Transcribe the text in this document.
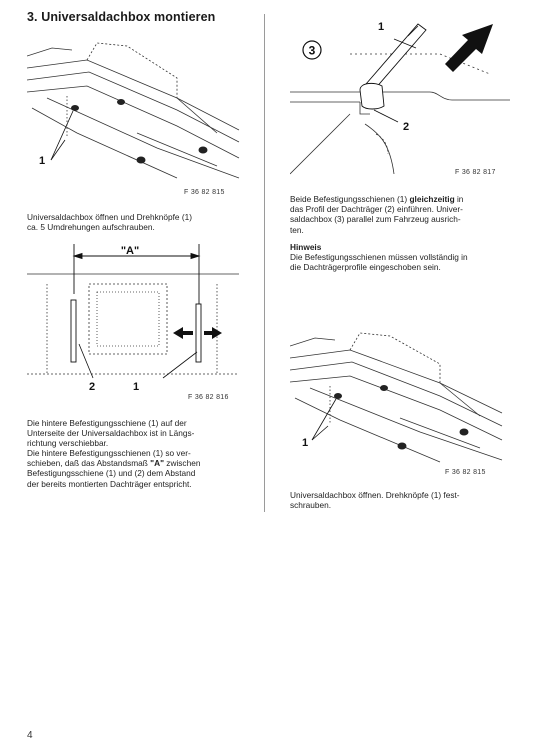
3. Universaldachbox montieren
1
F 36 82 815
Universaldachbox öffnen und Drehknöpfe (1)
ca. 5 Umdrehungen aufschrauben.
"A"
2	1
F 36 82 816
Die hintere Befestigungsschiene (1) auf der
Unterseite der Universaldachbox ist in Längs-
richtung verschiebbar.
Die hintere Befestigungsschienen (1) so ver-
schieben, daß das Abstandsmaß "A" zwischen
Befestigungsschiene (1) und (2) dem Abstand
der bereits montierten Dachträger entspricht.
3
1
2
F 36 82 817
Beide Befestigungsschienen (1) gleichzeitig in
das Profil der Dachträger (2) einführen. Univer-
saldachbox (3) parallel zum Fahrzeug ausrich-
ten.
Hinweis
Die Befestigungsschienen müssen vollständig in
die Dachträgerprofile eingeschoben sein.
1
F 36 82 815
Universaldachbox öffnen. Drehknöpfe (1) fest-
schrauben.
4
